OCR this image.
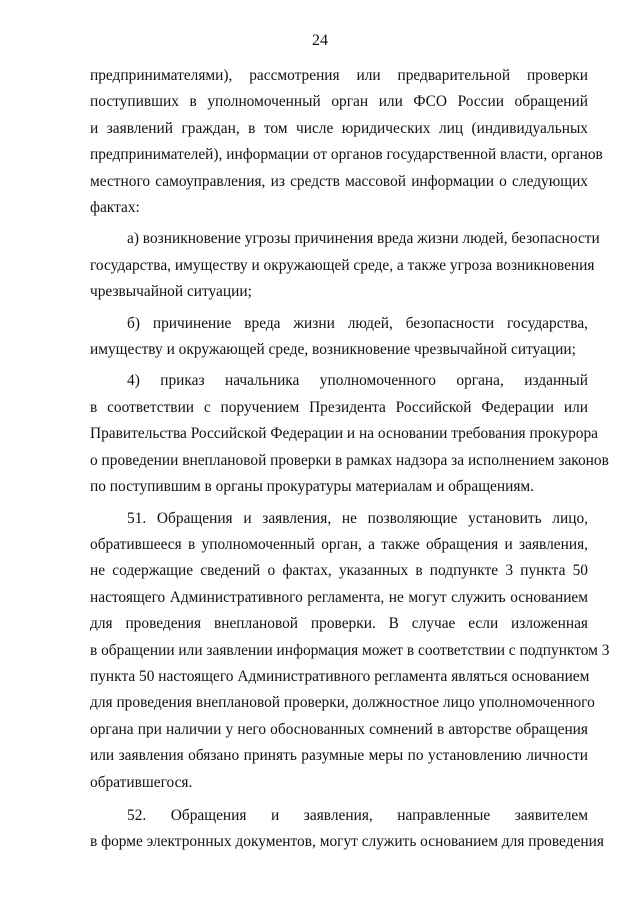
24
предпринимателями), рассмотрения или предварительной проверки
поступивших в уполномоченный орган или ФСО России обращений
и заявлений граждан, в том числе юридических лиц (индивидуальных
предпринимателей), информации от органов государственной власти, органов
местного самоуправления, из средств массовой информации о следующих
фактах:
а) возникновение угрозы причинения вреда жизни людей, безопасности
государства, имуществу и окружающей среде, а также угроза возникновения
чрезвычайной ситуации;
б) причинение вреда жизни людей, безопасности государства,
имуществу и окружающей среде, возникновение чрезвычайной ситуации;
4) приказ начальника уполномоченного органа, изданный
в соответствии с поручением Президента Российской Федерации или
Правительства Российской Федерации и на основании требования прокурора
о проведении внеплановой проверки в рамках надзора за исполнением законов
по поступившим в органы прокуратуры материалам и обращениям.
51. Обращения и заявления, не позволяющие установить лицо,
обратившееся в уполномоченный орган, а также обращения и заявления,
не содержащие сведений о фактах, указанных в подпункте 3 пункта 50
настоящего Административного регламента, не могут служить основанием
для проведения внеплановой проверки. В случае если изложенная
в обращении или заявлении информация может в соответствии с подпунктом 3
пункта 50 настоящего Административного регламента являться основанием
для проведения внеплановой проверки, должностное лицо уполномоченного
органа при наличии у него обоснованных сомнений в авторстве обращения
или заявления обязано принять разумные меры по установлению личности
обратившегося.
52. Обращения и заявления, направленные заявителем
в форме электронных документов, могут служить основанием для проведения
